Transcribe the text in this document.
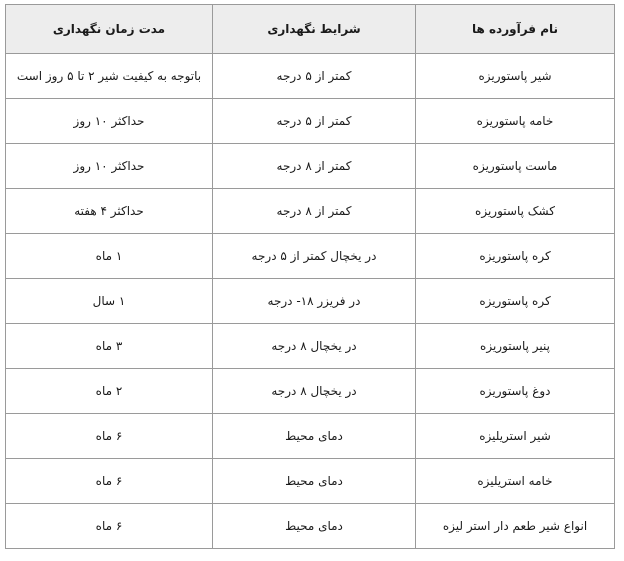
نام فرآورده ها	شرایط نگهداری	مدت زمان نگهداری
شیر پاستوریزه	کمتر از ۵ درجه	باتوجه به کیفیت شیر ۲ تا ۵ روز است
خامه پاستوریزه	کمتر از ۵ درجه	حداکثر ۱۰ روز
ماست پاستوریزه	کمتر از ۸ درجه	حداکثر ۱۰ روز
کشک پاستوریزه	کمتر از ۸ درجه	حداکثر ۴ هفته
کره پاستوریزه	در یخچال کمتر از ۵ درجه	۱ ماه
کره پاستوریزه	در فریزر ۱۸- درجه	۱ سال
پنیر پاستوریزه	در یخچال ۸ درجه	۳ ماه
دوغ پاستوریزه	در یخچال ۸ درجه	۲ ماه
شیر استریلیزه	دمای محیط	۶ ماه
خامه استریلیزه	دمای محیط	۶ ماه
انواع شیر طعم دار استر لیزه	دمای محیط	۶ ماه
